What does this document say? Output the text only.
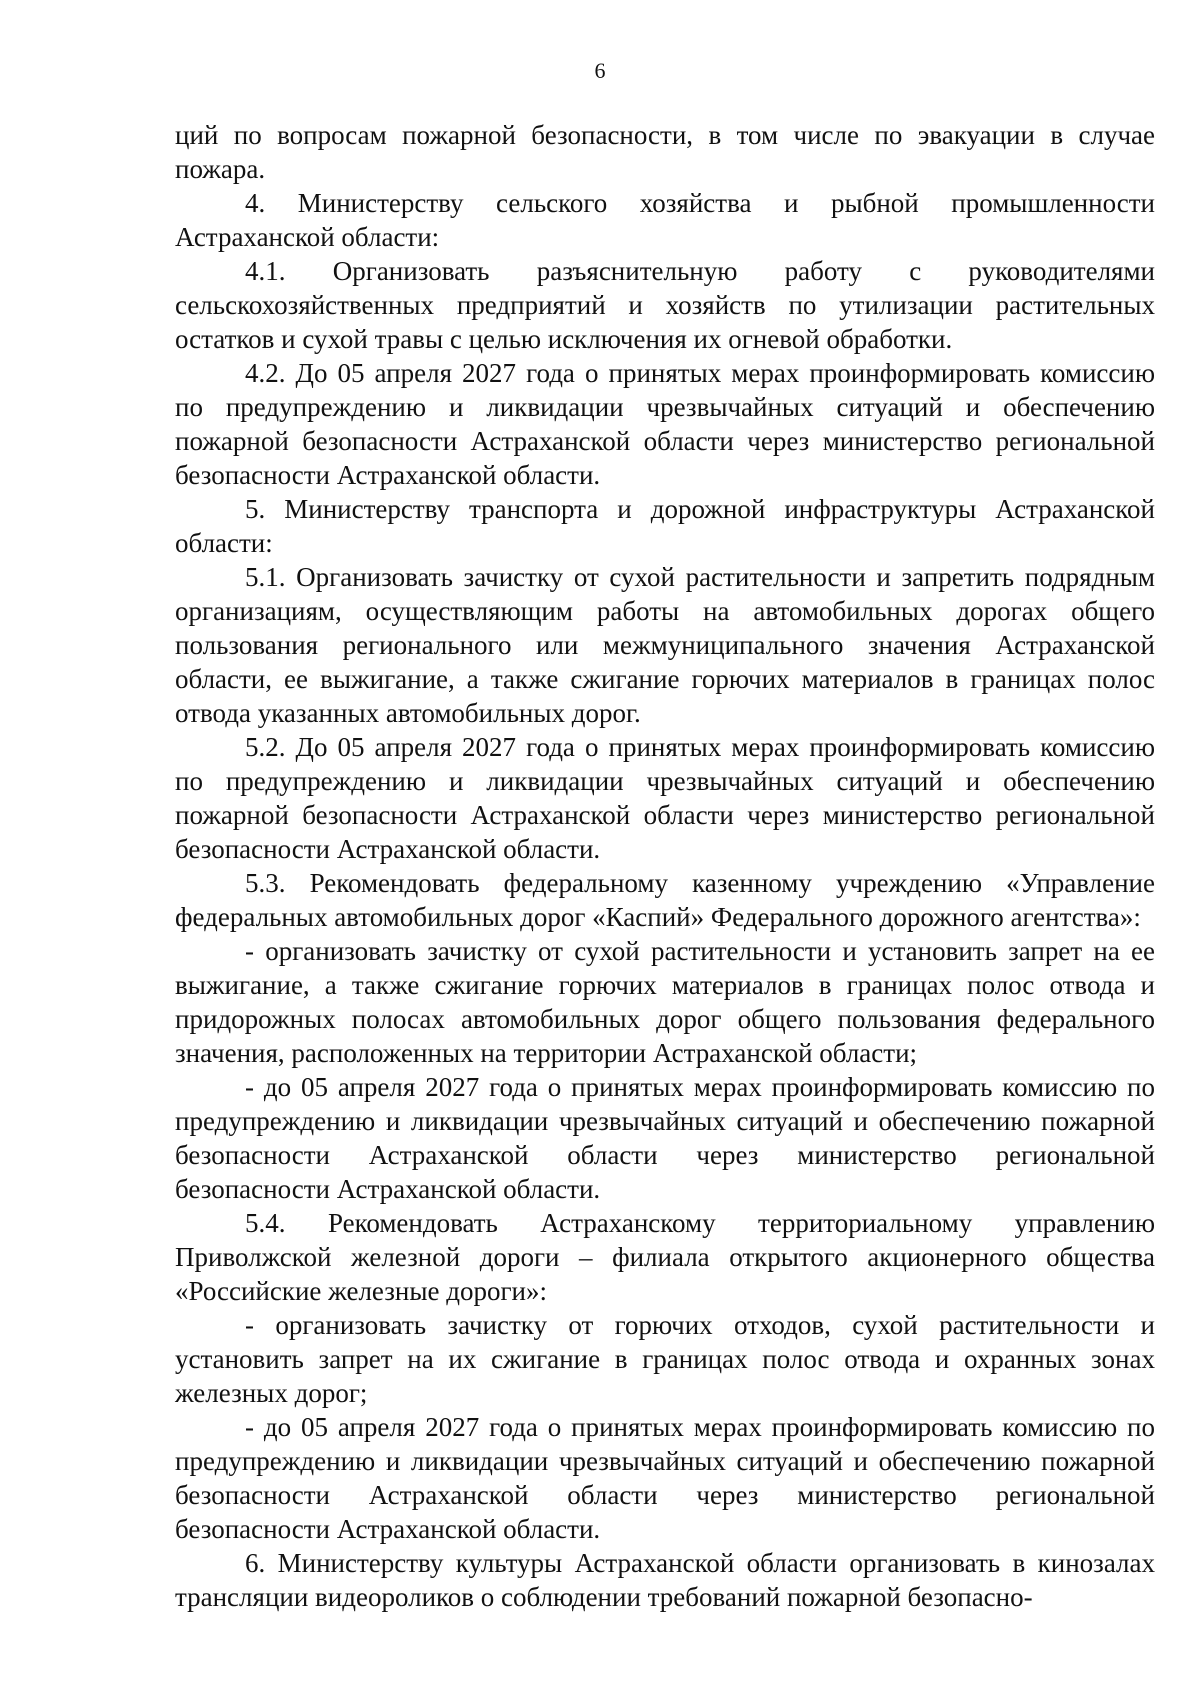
6

ций по вопросам пожарной безопасности, в том числе по эвакуации в случае пожара.

4. Министерству сельского хозяйства и рыбной промышленности Астраханской области:

4.1. Организовать разъяснительную работу с руководителями сельскохозяйственных предприятий и хозяйств по утилизации растительных остатков и сухой травы с целью исключения их огневой обработки.

4.2. До 05 апреля 2027 года о принятых мерах проинформировать комиссию по предупреждению и ликвидации чрезвычайных ситуаций и обеспечению пожарной безопасности Астраханской области через министерство региональной безопасности Астраханской области.

5. Министерству транспорта и дорожной инфраструктуры Астраханской области:

5.1. Организовать зачистку от сухой растительности и запретить подрядным организациям, осуществляющим работы на автомобильных дорогах общего пользования регионального или межмуниципального значения Астраханской области, ее выжигание, а также сжигание горючих материалов в границах полос отвода указанных автомобильных дорог.

5.2. До 05 апреля 2027 года о принятых мерах проинформировать комиссию по предупреждению и ликвидации чрезвычайных ситуаций и обеспечению пожарной безопасности Астраханской области через министерство региональной безопасности Астраханской области.

5.3. Рекомендовать федеральному казенному учреждению «Управление федеральных автомобильных дорог «Каспий» Федерального дорожного агентства»:

- организовать зачистку от сухой растительности и установить запрет на ее выжигание, а также сжигание горючих материалов в границах полос отвода и придорожных полосах автомобильных дорог общего пользования федерального значения, расположенных на территории Астраханской области;

- до 05 апреля 2027 года о принятых мерах проинформировать комиссию по предупреждению и ликвидации чрезвычайных ситуаций и обеспечению пожарной безопасности Астраханской области через министерство региональной безопасности Астраханской области.

5.4. Рекомендовать Астраханскому территориальному управлению Приволжской железной дороги – филиала открытого акционерного общества «Российские железные дороги»:

- организовать зачистку от горючих отходов, сухой растительности и установить запрет на их сжигание в границах полос отвода и охранных зонах железных дорог;

- до 05 апреля 2027 года о принятых мерах проинформировать комиссию по предупреждению и ликвидации чрезвычайных ситуаций и обеспечению пожарной безопасности Астраханской области через министерство региональной безопасности Астраханской области.

6. Министерству культуры Астраханской области организовать в кинозалах трансляции видеороликов о соблюдении требований пожарной безопасно-
